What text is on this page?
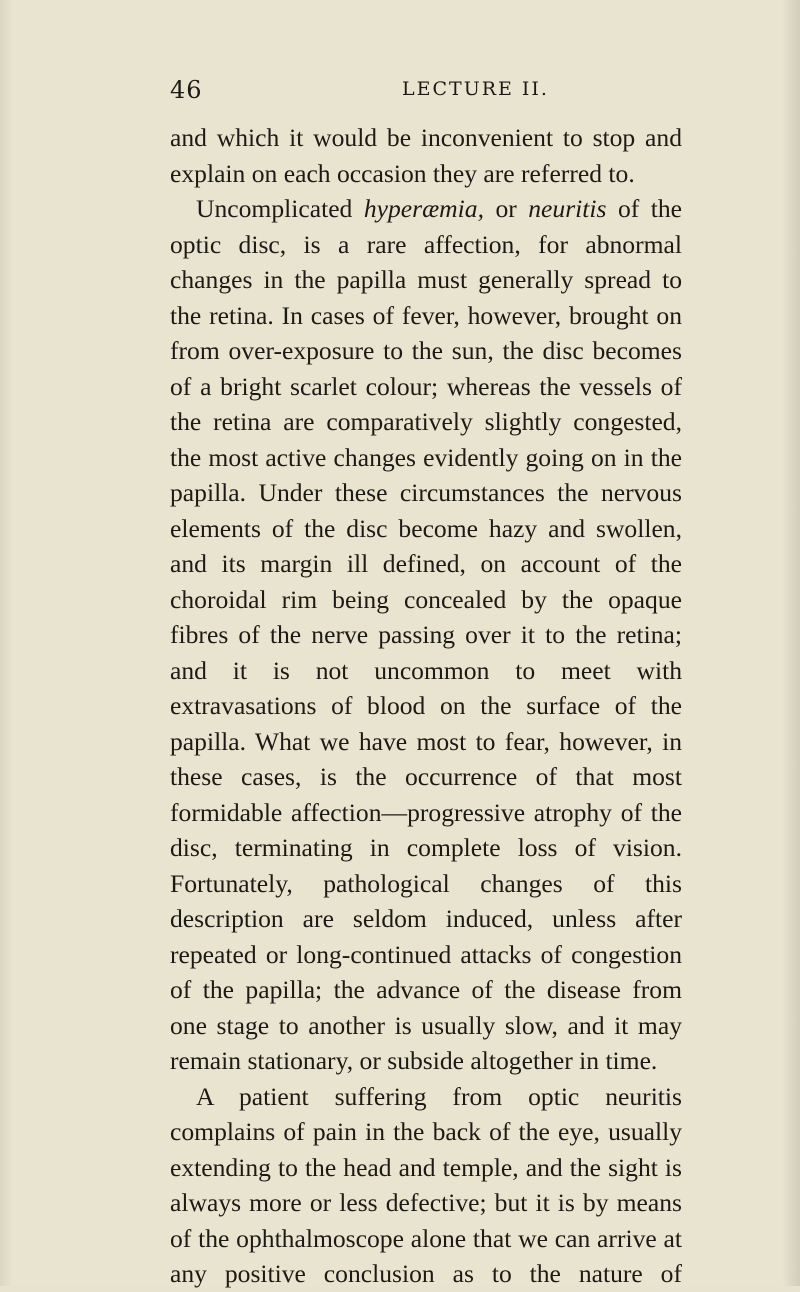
46	LECTURE II.

and which it would be inconvenient to stop and explain on each occasion they are referred to.

Uncomplicated hyperæmia, or neuritis of the optic disc, is a rare affection, for abnormal changes in the papilla must generally spread to the retina. In cases of fever, however, brought on from over-exposure to the sun, the disc becomes of a bright scarlet colour; whereas the vessels of the retina are comparatively slightly congested, the most active changes evidently going on in the papilla. Under these circumstances the nervous elements of the disc become hazy and swollen, and its margin ill defined, on account of the choroidal rim being concealed by the opaque fibres of the nerve passing over it to the retina; and it is not uncommon to meet with extravasations of blood on the surface of the papilla. What we have most to fear, however, in these cases, is the occurrence of that most formidable affection—progressive atrophy of the disc, terminating in complete loss of vision. Fortunately, pathological changes of this description are seldom induced, unless after repeated or long-continued attacks of congestion of the papilla; the advance of the disease from one stage to another is usually slow, and it may remain stationary, or subside altogether in time.

A patient suffering from optic neuritis complains of pain in the back of the eye, usually extending to the head and temple, and the sight is always more or less defective; but it is by means of the ophthalmoscope alone that we can arrive at any positive conclusion as to the nature of
